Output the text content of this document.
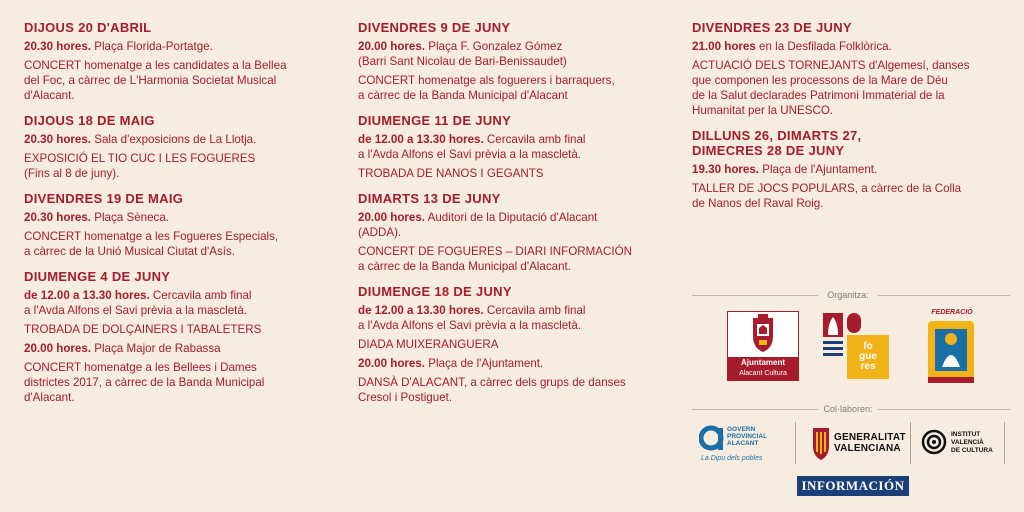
DIJOUS 20 D'ABRIL
20.30 hores. Plaça Florida-Portatge.
CONCERT homenatge a les candidates a la Bellea
del Foc, a càrrec de L'Harmonia Societat Musical
d'Alacant.
DIJOUS 18 DE MAIG
20.30 hores. Sala d'exposicions de La Llotja.
EXPOSICIÓ EL TIO CUC I LES FOGUERES
(Fins al 8 de juny).
DIVENDRES 19 DE MAIG
20.30 hores. Plaça Sèneca.
CONCERT homenatge a les Fogueres Especials,
a càrrec de la Unió Musical Ciutat d'Asís.
DIUMENGE 4 DE JUNY
de 12.00 a 13.30 hores. Cercavila amb final
a l'Avda Alfons el Savi prèvia a la mascletà.
TROBADA DE DOLÇAINERS I TABALETERS
20.00 hores. Plaça Major de Rabassa
CONCERT homenatge a les Bellees i Dames
districtes 2017, a càrrec de la Banda Municipal
d'Alacant.
DIVENDRES 9 DE JUNY
20.00 hores. Plaça F. Gonzalez Gómez
(Barri Sant Nicolau de Bari-Benissaudet)
CONCERT homenatge als foguerers i barraquers,
a càrrec de la Banda Municipal d'Alacant
DIUMENGE 11 DE JUNY
de 12.00 a 13.30 hores. Cercavila amb final
a l'Avda Alfons el Savi prèvia a la mascletà.
TROBADA DE NANOS I GEGANTS
DIMARTS 13 DE JUNY
20.00 hores. Auditori de la Diputació d'Alacant
(ADDA).
CONCERT DE FOGUERES – DIARI INFORMACIÓN
a càrrec de la Banda Municipal d'Alacant.
DIUMENGE 18 DE JUNY
de 12.00 a 13.30 hores. Cercavila amb final
a l'Avda Alfons el Savi prèvia a la mascletà.
DIADA MUIXERANGUERA
20.00 hores. Plaça de l'Ajuntament.
DANSÀ D'ALACANT, a càrrec dels grups de danses
Cresol i Postiguet.
DIVENDRES 23 DE JUNY
21.00 hores en la Desfilada Folklòrica.
ACTUACIÓ DELS TORNEJANTS d'Algemesí, danses
que componen les processons de la Mare de Déu
de la Salut declarades Patrimoni Immaterial de la
Humanitat per la UNESCO.
DILLUNS 26, DIMARTS 27,
DIMECRES 28 DE JUNY
19.30 hores. Plaça de l'Ajuntament.
TALLER DE JOCS POPULARS, a càrrec de la Colla
de Nanos del Raval Roig.
Organitza:
Ajuntament
Alacant Cultura
fo
gue
res
FEDERACIÓ
Col·laboren:
GOVERN
PROVINCIAL
ALACANT
La Dipu dels pobles
GENERALITAT
VALENCIANA
INSTITUT
VALENCIÀ
DE CULTURA
INFORMACIÓN
